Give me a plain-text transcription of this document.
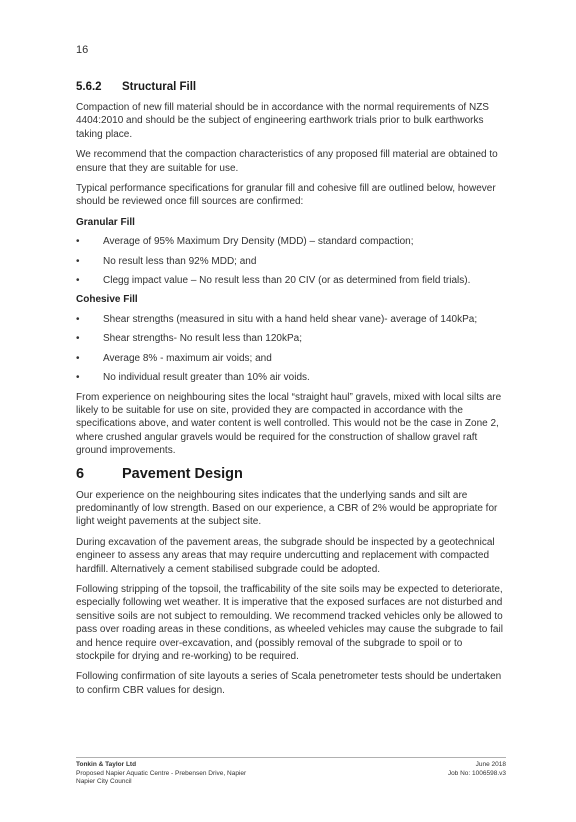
16
5.6.2 Structural Fill

Compaction of new fill material should be in accordance with the normal requirements of NZS 4404:2010 and should be the subject of engineering earthwork trials prior to bulk earthworks taking place.

We recommend that the compaction characteristics of any proposed fill material are obtained to ensure that they are suitable for use.

Typical performance specifications for granular fill and cohesive fill are outlined below, however should be reviewed once fill sources are confirmed:

Granular Fill
• Average of 95% Maximum Dry Density (MDD) – standard compaction;
• No result less than 92% MDD; and
• Clegg impact value – No result less than 20 CIV (or as determined from field trials).
Cohesive Fill
• Shear strengths (measured in situ with a hand held shear vane)- average of 140kPa;
• Shear strengths- No result less than 120kPa;
• Average 8% - maximum air voids; and
• No individual result greater than 10% air voids.

From experience on neighbouring sites the local “straight haul” gravels, mixed with local silts are likely to be suitable for use on site, provided they are compacted in accordance with the specifications above, and water content is well controlled. This would not be the case in Zone 2, where crushed angular gravels would be required for the construction of shallow gravel raft ground improvements.

6	Pavement Design

Our experience on the neighbouring sites indicates that the underlying sands and silt are predominantly of low strength. Based on our experience, a CBR of 2% would be appropriate for light weight pavements at the subject site.

During excavation of the pavement areas, the subgrade should be inspected by a geotechnical engineer to assess any areas that may require undercutting and replacement with compacted hardfill. Alternatively a cement stabilised subgrade could be adopted.

Following stripping of the topsoil, the trafficability of the site soils may be expected to deteriorate, especially following wet weather. It is imperative that the exposed surfaces are not disturbed and sensitive soils are not subject to remoulding. We recommend tracked vehicles only be allowed to pass over roading areas in these conditions, as wheeled vehicles may cause the subgrade to fail and hence require over-excavation, and (possibly removal of the subgrade to spoil or to stockpile for drying and re-working) to be required.

Following confirmation of site layouts a series of Scala penetrometer tests should be undertaken to confirm CBR values for design.

Tonkin & Taylor Ltd
Proposed Napier Aquatic Centre - Prebensen Drive, Napier
Napier City Council
June 2018
Job No: 1006598.v3
